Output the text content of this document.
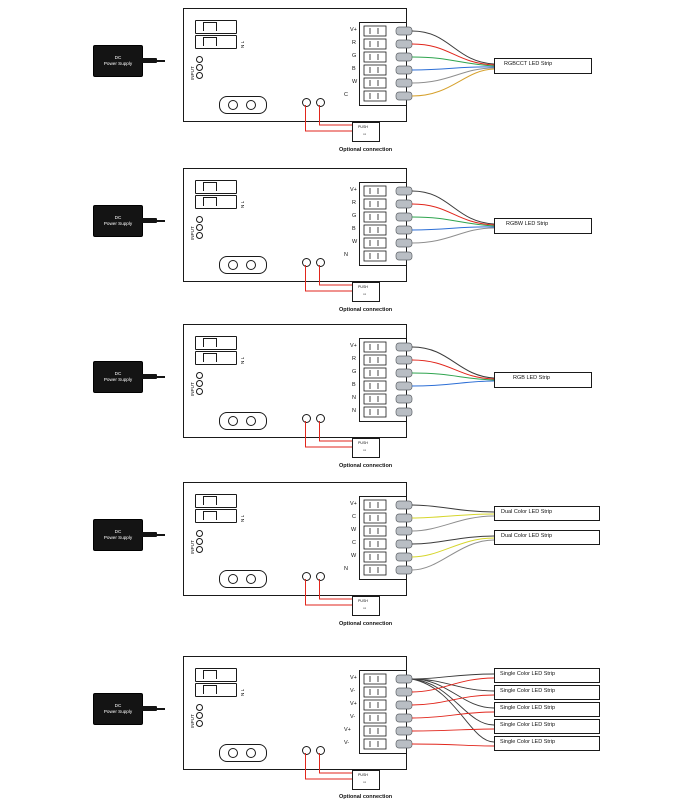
DC
Power Supply
N L
INPUT
V+
R
G
B
W
C
RGBCCT LED Strip
PUSH
▭
Optional connection
DC
Power Supply
N L
INPUT
V+
R
G
B
W
N
RGBW LED Strip
PUSH
▭
Optional connection
DC
Power Supply
N L
INPUT
V+
R
G
B
N
N
RGB LED Strip
PUSH
▭
Optional connection
DC
Power Supply
N L
INPUT
V+
C
W
C
W
N
Dual Color LED Strip
Dual Color LED Strip
PUSH
▭
Optional connection
DC
Power Supply
N L
INPUT
V+
V-
V+
V-
V+
V-
Single Color LED Strip
Single Color LED Strip
Single Color LED Strip
Single Color LED Strip
Single Color LED Strip
PUSH
▭
Optional connection
